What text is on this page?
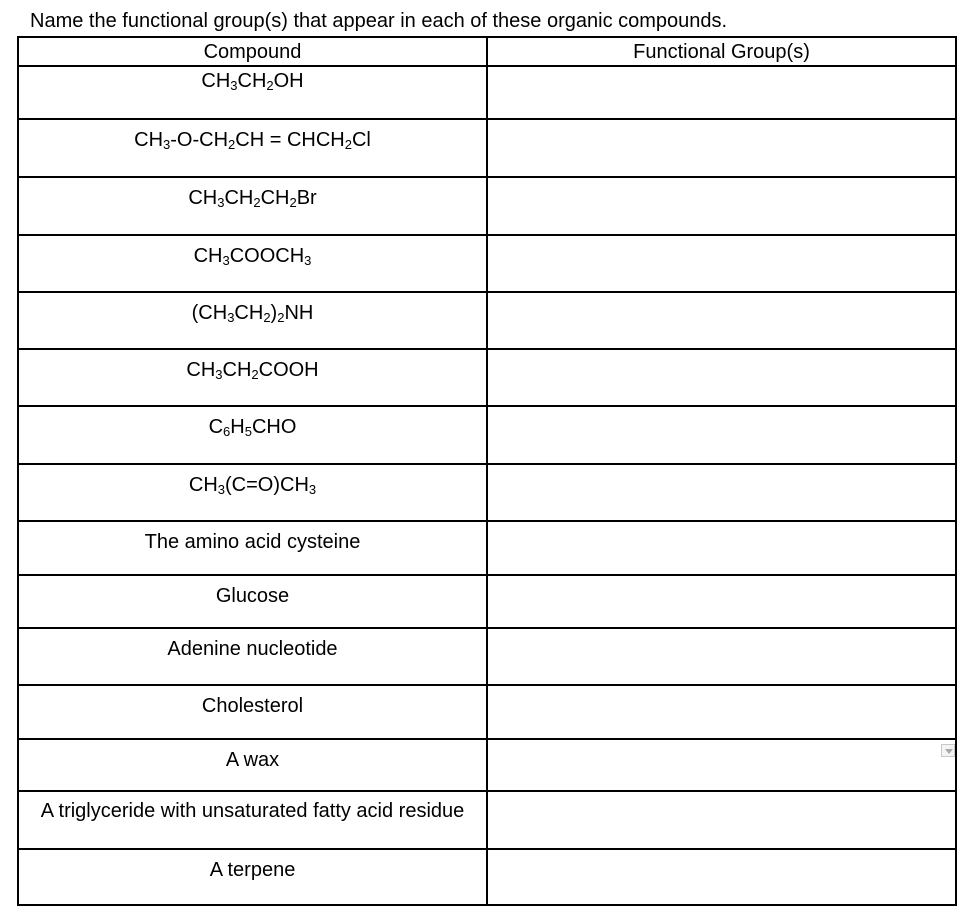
Name the functional group(s) that appear in each of these organic compounds.
Compound	Functional Group(s)
$CH_3CH_2OH$	
$CH_3-O-CH_2CH$ = $CHCH_2Cl$	
$CH_3CH_2CH_2Br$	
$CH_3COOCH_3$	
$(CH_3CH_2)_2NH$	
$CH_3CH_2COOH$	
$C_6H_5CHO$	
$CH_3(C=O)CH_3$	
The amino acid cysteine	
Glucose	
Adenine nucleotide	
Cholesterol	
A wax	

A triglyceride with unsaturated fatty acid residue	
A terpene	
